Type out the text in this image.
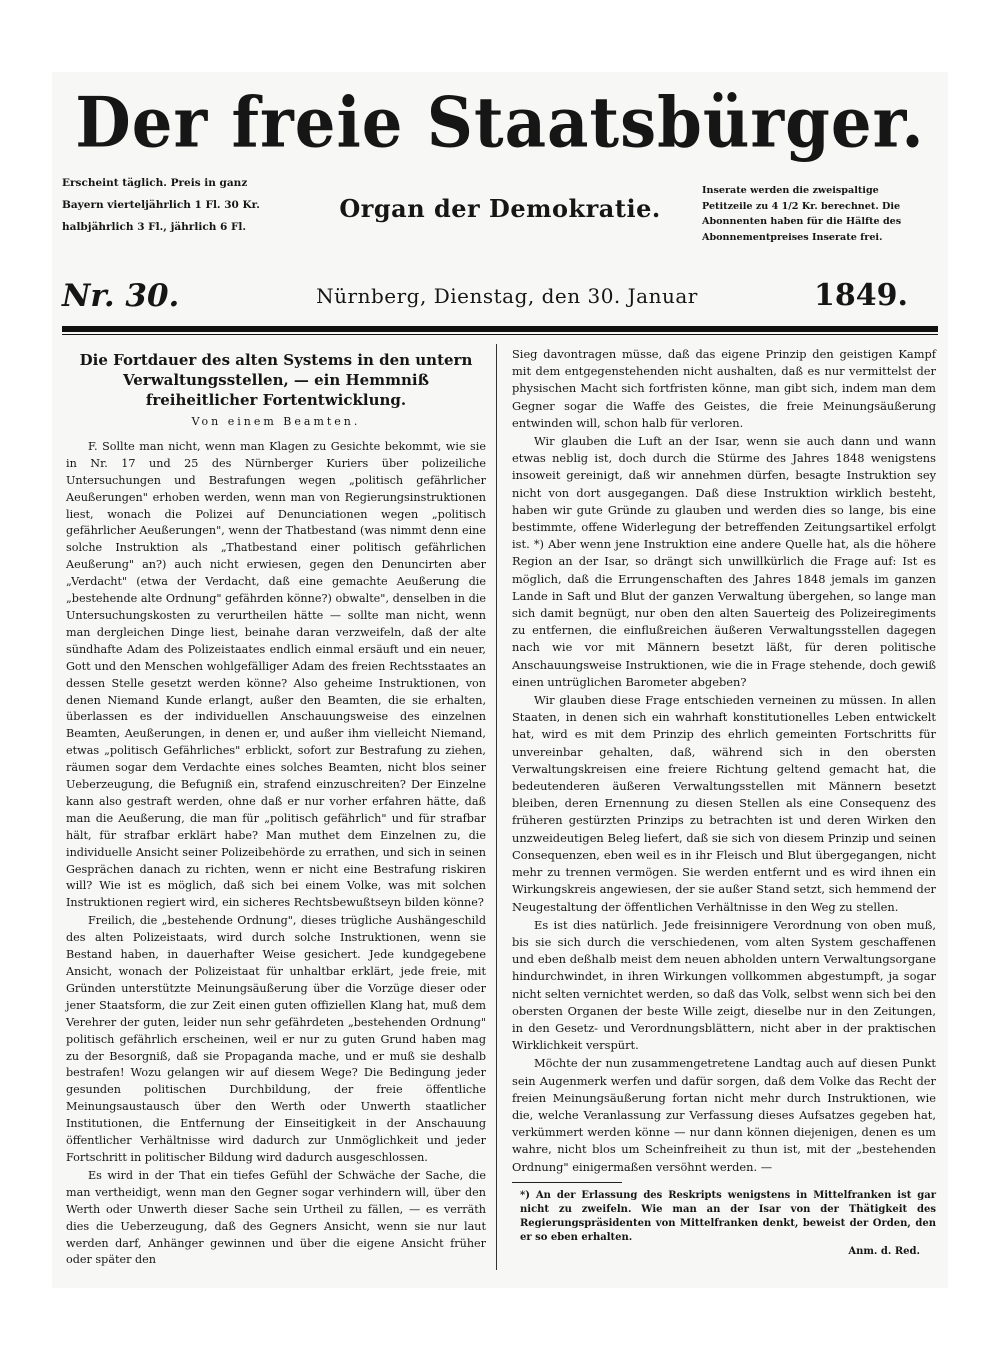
Der freie Staatsbürger.
Erscheint täglich. Preis in ganz
Bayern vierteljährlich 1 Fl. 30 Kr.
halbjährlich 3 Fl., jährlich 6 Fl.
Organ der Demokratie.
Inserate werden die zweispaltige
Petitzeile zu 4 1/2 Kr. berechnet. Die
Abonnenten haben für die Hälfte des
Abonnementpreises Inserate frei.
Nr. 30.	Nürnberg, Dienstag, den 30. Januar	1849.
Die Fortdauer des alten Systems in den untern Verwaltungsstellen, — ein Hemmniß freiheitlicher Fortentwicklung.
Von einem Beamten.

F. Sollte man nicht, wenn man Klagen zu Gesichte bekommt, wie sie in Nr. 17 und 25 des Nürnberger Kuriers über polizeiliche Untersuchungen und Bestrafungen wegen „politisch gefährlicher Aeußerungen" erhoben werden, wenn man von Regierungsinstruktionen liest, wonach die Polizei auf Denunciationen wegen „politisch gefährlicher Aeußerungen", wenn der Thatbestand (was nimmt denn eine solche Instruktion als „Thatbestand einer politisch gefährlichen Aeußerung" an?) auch nicht erwiesen, gegen den Denuncirten aber „Verdacht" (etwa der Verdacht, daß eine gemachte Aeußerung die „bestehende alte Ordnung" gefährden könne?) obwalte", denselben in die Untersuchungskosten zu verurtheilen hätte — sollte man nicht, wenn man dergleichen Dinge liest, beinahe daran verzweifeln, daß der alte sündhafte Adam des Polizeistaates endlich einmal ersäuft und ein neuer, Gott und den Menschen wohlgefälliger Adam des freien Rechtsstaates an dessen Stelle gesetzt werden könne? Also geheime Instruktionen, von denen Niemand Kunde erlangt, außer den Beamten, die sie erhalten, überlassen es der individuellen Anschauungsweise des einzelnen Beamten, Aeußerungen, in denen er, und außer ihm vielleicht Niemand, etwas „politisch Gefährliches" erblickt, sofort zur Bestrafung zu ziehen, räumen sogar dem Verdachte eines solches Beamten, nicht blos seiner Ueberzeugung, die Befugniß ein, strafend einzuschreiten? Der Einzelne kann also gestraft werden, ohne daß er nur vorher erfahren hätte, daß man die Aeußerung, die man für „politisch gefährlich" und für strafbar hält, für strafbar erklärt habe? Man muthet dem Einzelnen zu, die individuelle Ansicht seiner Polizeibehörde zu errathen, und sich in seinen Gesprächen danach zu richten, wenn er nicht eine Bestrafung riskiren will? Wie ist es möglich, daß sich bei einem Volke, was mit solchen Instruktionen regiert wird, ein sicheres Rechtsbewußtseyn bilden könne?

Freilich, die „bestehende Ordnung", dieses trügliche Aushängeschild des alten Polizeistaats, wird durch solche Instruktionen, wenn sie Bestand haben, in dauerhafter Weise gesichert. Jede kundgegebene Ansicht, wonach der Polizeistaat für unhaltbar erklärt, jede freie, mit Gründen unterstützte Meinungsäußerung über die Vorzüge dieser oder jener Staatsform, die zur Zeit einen guten offiziellen Klang hat, muß dem Verehrer der guten, leider nun sehr gefährdeten „bestehenden Ordnung" politisch gefährlich erscheinen, weil er nur zu guten Grund haben mag zu der Besorgniß, daß sie Propaganda mache, und er muß sie deshalb bestrafen! Wozu gelangen wir auf diesem Wege? Die Bedingung jeder gesunden politischen Durchbildung, der freie öffentliche Meinungsaustausch über den Werth oder Unwerth staatlicher Institutionen, die Entfernung der Einseitigkeit in der Anschauung öffentlicher Verhältnisse wird dadurch zur Unmöglichkeit und jeder Fortschritt in politischer Bildung wird dadurch ausgeschlossen.

Es wird in der That ein tiefes Gefühl der Schwäche der Sache, die man vertheidigt, wenn man den Gegner sogar verhindern will, über den Werth oder Unwerth dieser Sache sein Urtheil zu fällen, — es verräth dies die Ueberzeugung, daß des Gegners Ansicht, wenn sie nur laut werden darf, Anhänger gewinnen und über die eigene Ansicht früher oder später den

Sieg davontragen müsse, daß das eigene Prinzip den geistigen Kampf mit dem entgegenstehenden nicht aushalten, daß es nur vermittelst der physischen Macht sich fortfristen könne, man gibt sich, indem man dem Gegner sogar die Waffe des Geistes, die freie Meinungsäußerung entwinden will, schon halb für verloren.

Wir glauben die Luft an der Isar, wenn sie auch dann und wann etwas neblig ist, doch durch die Stürme des Jahres 1848 wenigstens insoweit gereinigt, daß wir annehmen dürfen, besagte Instruktion sey nicht von dort ausgegangen. Daß diese Instruktion wirklich besteht, haben wir gute Gründe zu glauben und werden dies so lange, bis eine bestimmte, offene Widerlegung der betreffenden Zeitungsartikel erfolgt ist. *) Aber wenn jene Instruktion eine andere Quelle hat, als die höhere Region an der Isar, so drängt sich unwillkürlich die Frage auf: Ist es möglich, daß die Errungenschaften des Jahres 1848 jemals im ganzen Lande in Saft und Blut der ganzen Verwaltung übergehen, so lange man sich damit begnügt, nur oben den alten Sauerteig des Polizeiregiments zu entfernen, die einflußreichen äußeren Verwaltungsstellen dagegen nach wie vor mit Männern besetzt läßt, für deren politische Anschauungsweise Instruktionen, wie die in Frage stehende, doch gewiß einen untrüglichen Barometer abgeben?

Wir glauben diese Frage entschieden verneinen zu müssen. In allen Staaten, in denen sich ein wahrhaft konstitutionelles Leben entwickelt hat, wird es mit dem Prinzip des ehrlich gemeinten Fortschritts für unvereinbar gehalten, daß, während sich in den obersten Verwaltungskreisen eine freiere Richtung geltend gemacht hat, die bedeutenderen äußeren Verwaltungsstellen mit Männern besetzt bleiben, deren Ernennung zu diesen Stellen als eine Consequenz des früheren gestürzten Prinzips zu betrachten ist und deren Wirken den unzweideutigen Beleg liefert, daß sie sich von diesem Prinzip und seinen Consequenzen, eben weil es in ihr Fleisch und Blut übergegangen, nicht mehr zu trennen vermögen. Sie werden entfernt und es wird ihnen ein Wirkungskreis angewiesen, der sie außer Stand setzt, sich hemmend der Neugestaltung der öffentlichen Verhältnisse in den Weg zu stellen.

Es ist dies natürlich. Jede freisinnigere Verordnung von oben muß, bis sie sich durch die verschiedenen, vom alten System geschaffenen und eben deßhalb meist dem neuen abholden untern Verwaltungsorgane hindurchwindet, in ihren Wirkungen vollkommen abgestumpft, ja sogar nicht selten vernichtet werden, so daß das Volk, selbst wenn sich bei den obersten Organen der beste Wille zeigt, dieselbe nur in den Zeitungen, in den Gesetz- und Verordnungsblättern, nicht aber in der praktischen Wirklichkeit verspürt.

Möchte der nun zusammengetretene Landtag auch auf diesen Punkt sein Augenmerk werfen und dafür sorgen, daß dem Volke das Recht der freien Meinungsäußerung fortan nicht mehr durch Instruktionen, wie die, welche Veranlassung zur Verfassung dieses Aufsatzes gegeben hat, verkümmert werden könne — nur dann können diejenigen, denen es um wahre, nicht blos um Scheinfreiheit zu thun ist, mit der „bestehenden Ordnung" einigermaßen versöhnt werden. —

*) An der Erlassung des Reskripts wenigstens in Mittelfranken ist gar nicht zu zweifeln. Wie man an der Isar von der Thätigkeit des Regierungspräsidenten von Mittelfranken denkt, beweist der Orden, den er so eben erhalten.
Anm. d. Red.
